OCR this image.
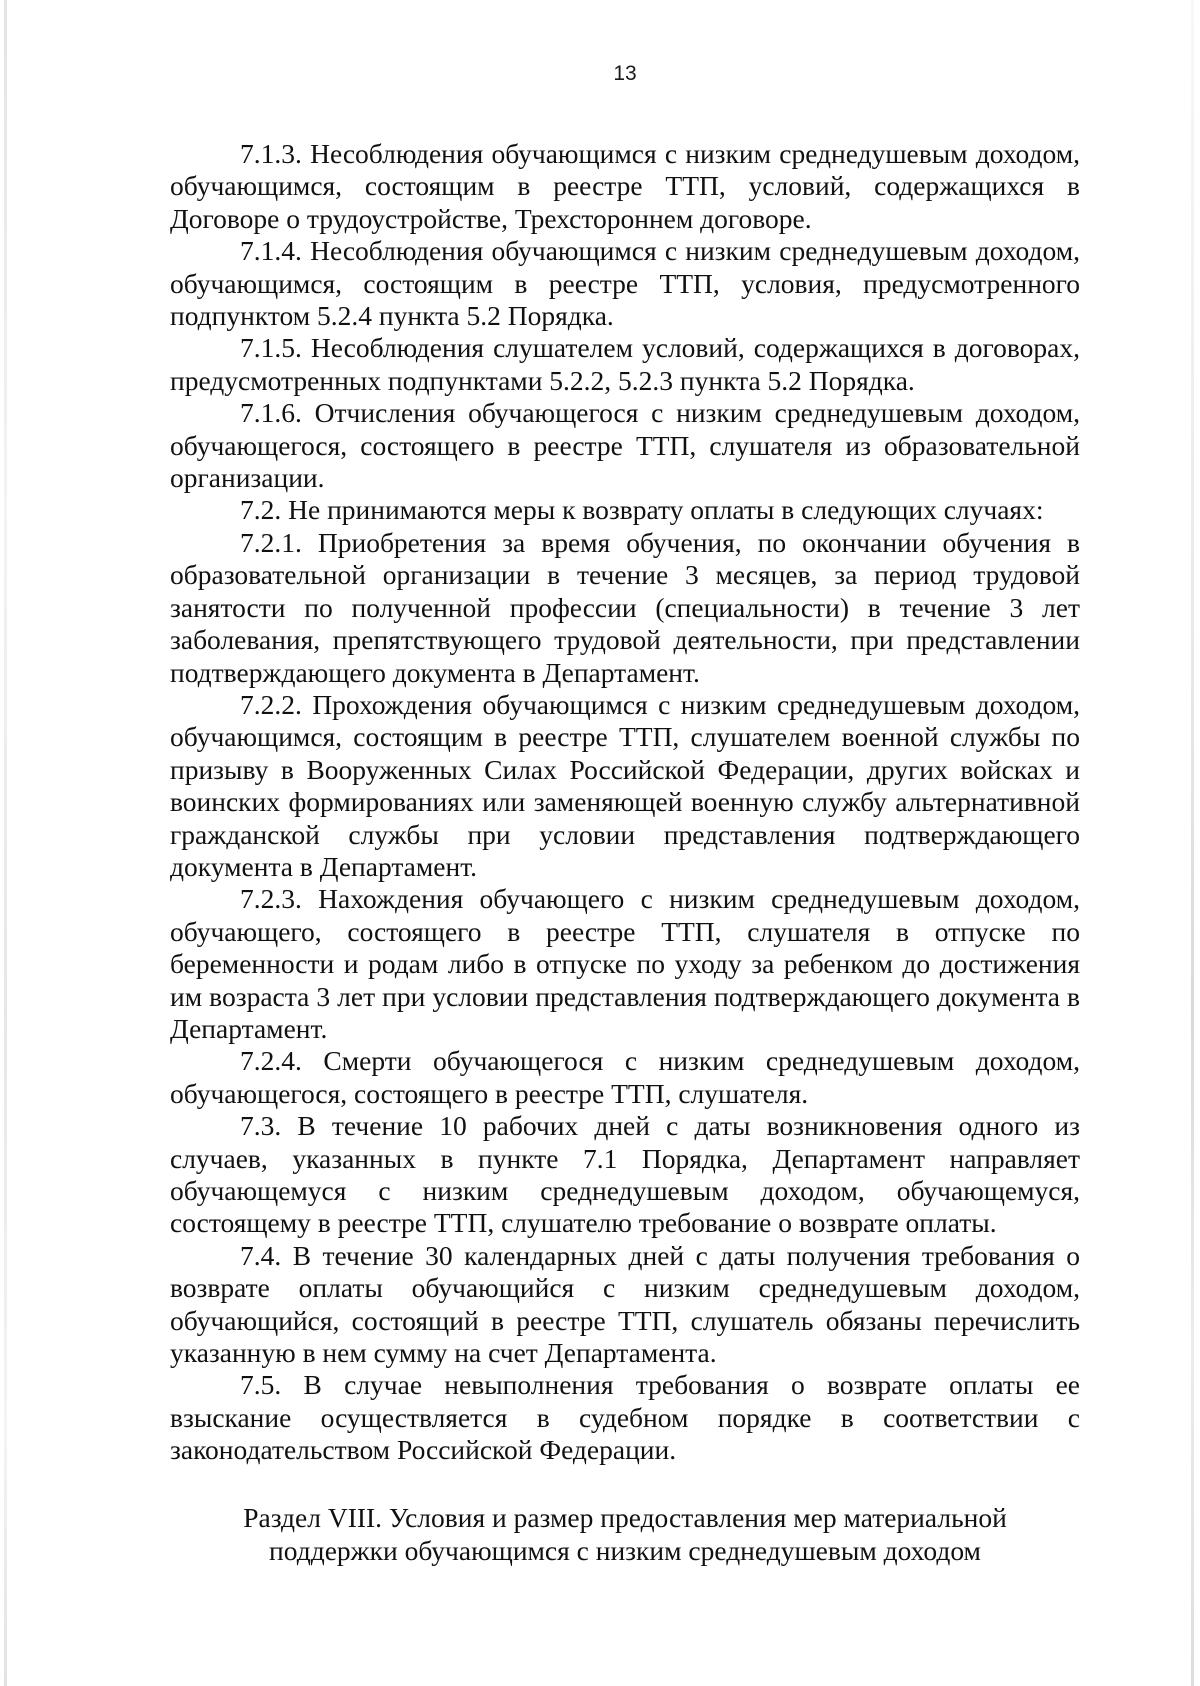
13

7.1.3. Несоблюдения обучающимся с низким среднедушевым доходом, обучающимся, состоящим в реестре ТТП, условий, содержащихся в Договоре о трудоустройстве, Трехстороннем договоре.

7.1.4. Несоблюдения обучающимся с низким среднедушевым доходом, обучающимся, состоящим в реестре ТТП, условия, предусмотренного подпунктом 5.2.4 пункта 5.2 Порядка.

7.1.5. Несоблюдения слушателем условий, содержащихся в договорах, предусмотренных подпунктами 5.2.2, 5.2.3 пункта 5.2 Порядка.

7.1.6. Отчисления обучающегося с низким среднедушевым доходом, обучающегося, состоящего в реестре ТТП, слушателя из образовательной организации.

7.2. Не принимаются меры к возврату оплаты в следующих случаях:

7.2.1. Приобретения за время обучения, по окончании обучения в образовательной организации в течение 3 месяцев, за период трудовой занятости по полученной профессии (специальности) в течение 3 лет заболевания, препятствующего трудовой деятельности, при представлении подтверждающего документа в Департамент.

7.2.2. Прохождения обучающимся с низким среднедушевым доходом, обучающимся, состоящим в реестре ТТП, слушателем военной службы по призыву в Вооруженных Силах Российской Федерации, других войсках и воинских формированиях или заменяющей военную службу альтернативной гражданской службы при условии представления подтверждающего документа в Департамент.

7.2.3. Нахождения обучающего с низким среднедушевым доходом, обучающего, состоящего в реестре ТТП, слушателя в отпуске по беременности и родам либо в отпуске по уходу за ребенком до достижения им возраста 3 лет при условии представления подтверждающего документа в Департамент.

7.2.4. Смерти обучающегося с низким среднедушевым доходом, обучающегося, состоящего в реестре ТТП, слушателя.

7.3. В течение 10 рабочих дней с даты возникновения одного из случаев, указанных в пункте 7.1 Порядка, Департамент направляет обучающемуся с низким среднедушевым доходом, обучающемуся, состоящему в реестре ТТП, слушателю требование о возврате оплаты.

7.4. В течение 30 календарных дней с даты получения требования о возврате оплаты обучающийся с низким среднедушевым доходом, обучающийся, состоящий в реестре ТТП, слушатель обязаны перечислить указанную в нем сумму на счет Департамента.

7.5. В случае невыполнения требования о возврате оплаты ее взыскание осуществляется в судебном порядке в соответствии с законодательством Российской Федерации.

Раздел VIII. Условия и размер предоставления мер материальной
поддержки обучающимся с низким среднедушевым доходом
